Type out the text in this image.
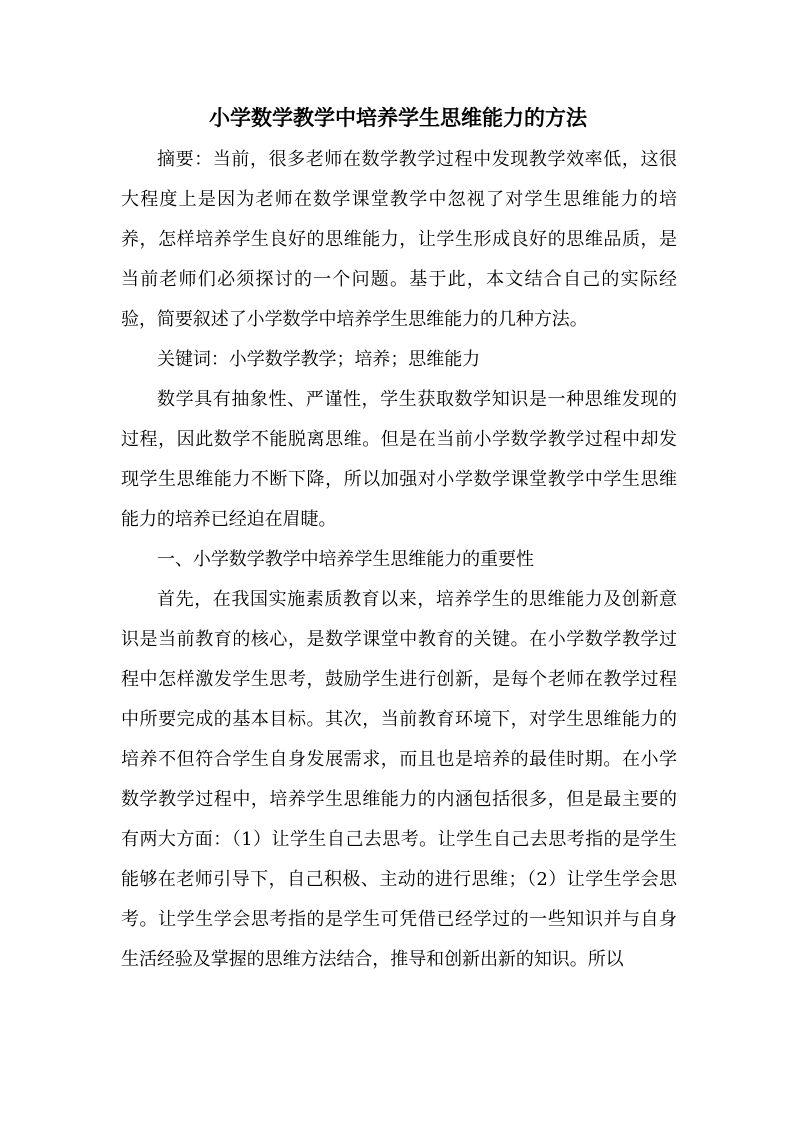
小学数学教学中培养学生思维能力的方法

摘要：当前，很多老师在数学教学过程中发现教学效率低，这很大程度上是因为老师在数学课堂教学中忽视了对学生思维能力的培养，怎样培养学生良好的思维能力，让学生形成良好的思维品质，是当前老师们必须探讨的一个问题。基于此，本文结合自己的实际经验，简要叙述了小学数学中培养学生思维能力的几种方法。

关键词：小学数学教学；培养；思维能力

数学具有抽象性、严谨性，学生获取数学知识是一种思维发现的过程，因此数学不能脱离思维。但是在当前小学数学教学过程中却发现学生思维能力不断下降，所以加强对小学数学课堂教学中学生思维能力的培养已经迫在眉睫。

一、小学数学教学中培养学生思维能力的重要性

首先，在我国实施素质教育以来，培养学生的思维能力及创新意识是当前教育的核心，是数学课堂中教育的关键。在小学数学教学过程中怎样激发学生思考，鼓励学生进行创新，是每个老师在教学过程中所要完成的基本目标。其次，当前教育环境下，对学生思维能力的培养不但符合学生自身发展需求，而且也是培养的最佳时期。在小学数学教学过程中，培养学生思维能力的内涵包括很多，但是最主要的有两大方面：（1）让学生自己去思考。让学生自己去思考指的是学生能够在老师引导下，自己积极、主动的进行思维；（2）让学生学会思考。让学生学会思考指的是学生可凭借已经学过的一些知识并与自身生活经验及掌握的思维方法结合，推导和创新出新的知识。所以
